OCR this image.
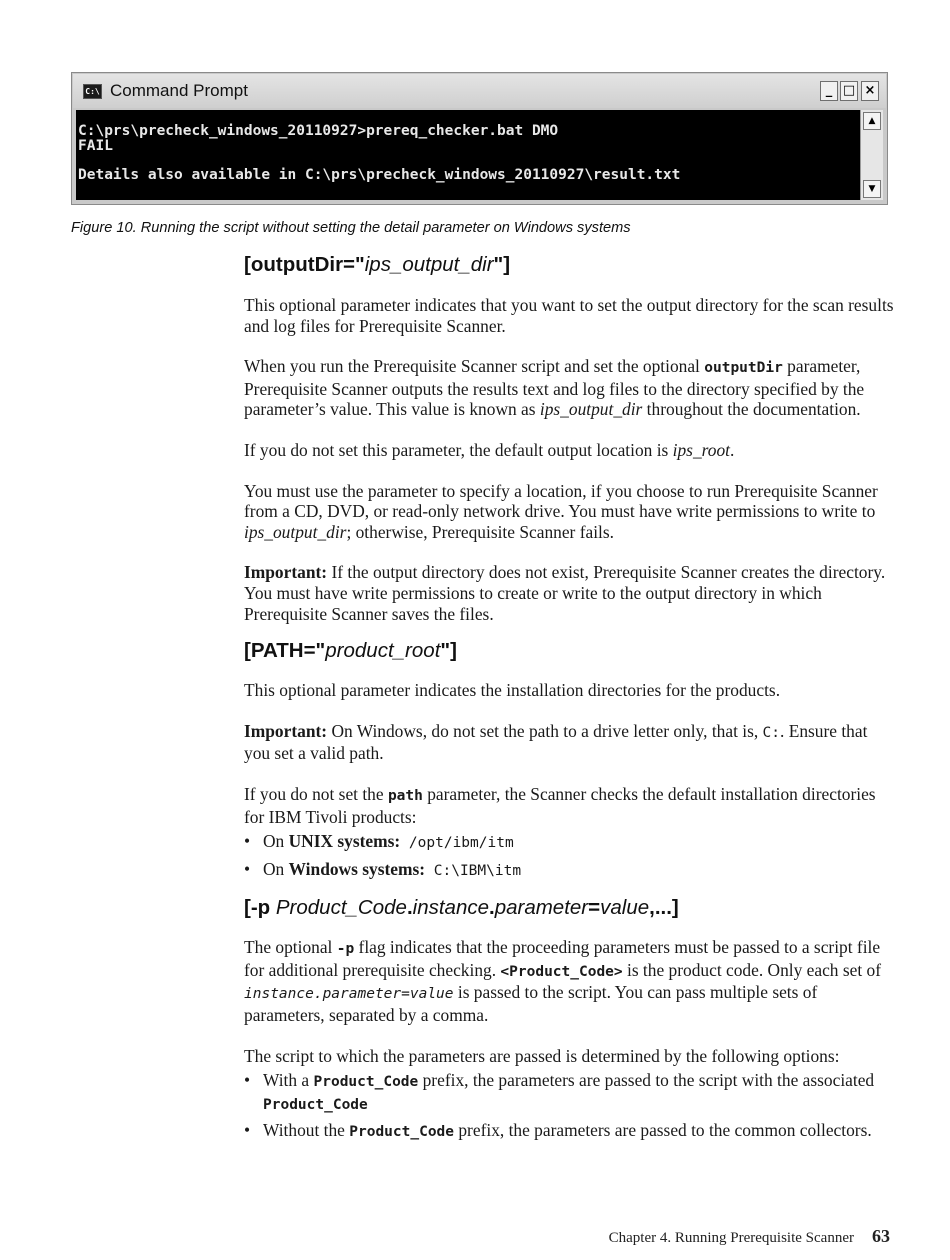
C:\ Command Prompt	_ □ ×
C:\prs\precheck_windows_20110927>prereq_checker.bat DMO
FAIL
Details also available in C:\prs\precheck_windows_20110927\result.txt
▲
▼
Figure 10. Running the script without setting the detail parameter on Windows systems
[outputDir="ips_output_dir"]

This optional parameter indicates that you want to set the output directory for the scan results and log files for Prerequisite Scanner.

When you run the Prerequisite Scanner script and set the optional outputDir parameter, Prerequisite Scanner outputs the results text and log files to the directory specified by the parameter’s value. This value is known as ips_output_dir throughout the documentation.

If you do not set this parameter, the default output location is ips_root.

You must use the parameter to specify a location, if you choose to run Prerequisite Scanner from a CD, DVD, or read-only network drive. You must have write permissions to write to ips_output_dir; otherwise, Prerequisite Scanner fails.

Important: If the output directory does not exist, Prerequisite Scanner creates the directory. You must have write permissions to create or write to the output directory in which Prerequisite Scanner saves the files.

[PATH="product_root"]

This optional parameter indicates the installation directories for the products.

Important: On Windows, do not set the path to a drive letter only, that is, C:. Ensure that you set a valid path.

If you do not set the path parameter, the Scanner checks the default installation directories for IBM Tivoli products:

• On UNIX systems: /opt/ibm/itm
• On Windows systems: C:\IBM\itm
[-p Product_Code.instance.parameter=value,...]

The optional -p flag indicates that the proceeding parameters must be passed to a script file for additional prerequisite checking. <Product_Code> is the product code. Only each set of instance.parameter=value is passed to the script. You can pass multiple sets of parameters, separated by a comma.

The script to which the parameters are passed is determined by the following options:

• With a Product_Code prefix, the parameters are passed to the script with the associated Product_Code
• Without the Product_Code prefix, the parameters are passed to the common collectors.
Chapter 4. Running Prerequisite Scanner 63
